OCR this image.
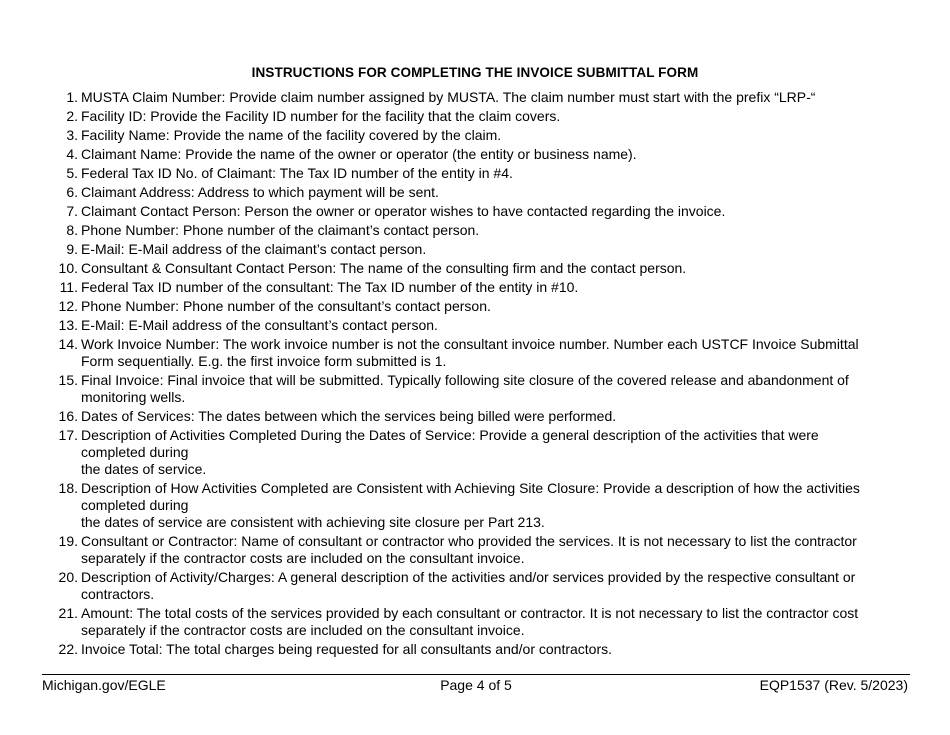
INSTRUCTIONS FOR COMPLETING THE INVOICE SUBMITTAL FORM
1. MUSTA Claim Number: Provide claim number assigned by MUSTA. The claim number must start with the prefix “LRP-“
2. Facility ID: Provide the Facility ID number for the facility that the claim covers.
3. Facility Name: Provide the name of the facility covered by the claim.
4. Claimant Name: Provide the name of the owner or operator (the entity or business name).
5. Federal Tax ID No. of Claimant: The Tax ID number of the entity in #4.
6. Claimant Address: Address to which payment will be sent.
7. Claimant Contact Person: Person the owner or operator wishes to have contacted regarding the invoice.
8. Phone Number: Phone number of the claimant’s contact person.
9. E-Mail: E-Mail address of the claimant’s contact person.
10. Consultant & Consultant Contact Person: The name of the consulting firm and the contact person.
11. Federal Tax ID number of the consultant: The Tax ID number of the entity in #10.
12. Phone Number: Phone number of the consultant’s contact person.
13. E-Mail: E-Mail address of the consultant’s contact person.
14. Work Invoice Number: The work invoice number is not the consultant invoice number. Number each USTCF Invoice Submittal
Form sequentially. E.g. the first invoice form submitted is 1.
15. Final Invoice: Final invoice that will be submitted. Typically following site closure of the covered release and abandonment of
monitoring wells.
16. Dates of Services: The dates between which the services being billed were performed.
17. Description of Activities Completed During the Dates of Service: Provide a general description of the activities that were
completed during
the dates of service.
18. Description of How Activities Completed are Consistent with Achieving Site Closure: Provide a description of how the activities
completed during
the dates of service are consistent with achieving site closure per Part 213.
19. Consultant or Contractor: Name of consultant or contractor who provided the services. It is not necessary to list the contractor
separately if the contractor costs are included on the consultant invoice.
20. Description of Activity/Charges: A general description of the activities and/or services provided by the respective consultant or
contractors.
21. Amount: The total costs of the services provided by each consultant or contractor. It is not necessary to list the contractor cost
separately if the contractor costs are included on the consultant invoice.
22. Invoice Total: The total charges being requested for all consultants and/or contractors.
Michigan.gov/EGLE	Page 4 of 5	EQP1537 (Rev. 5/2023)
